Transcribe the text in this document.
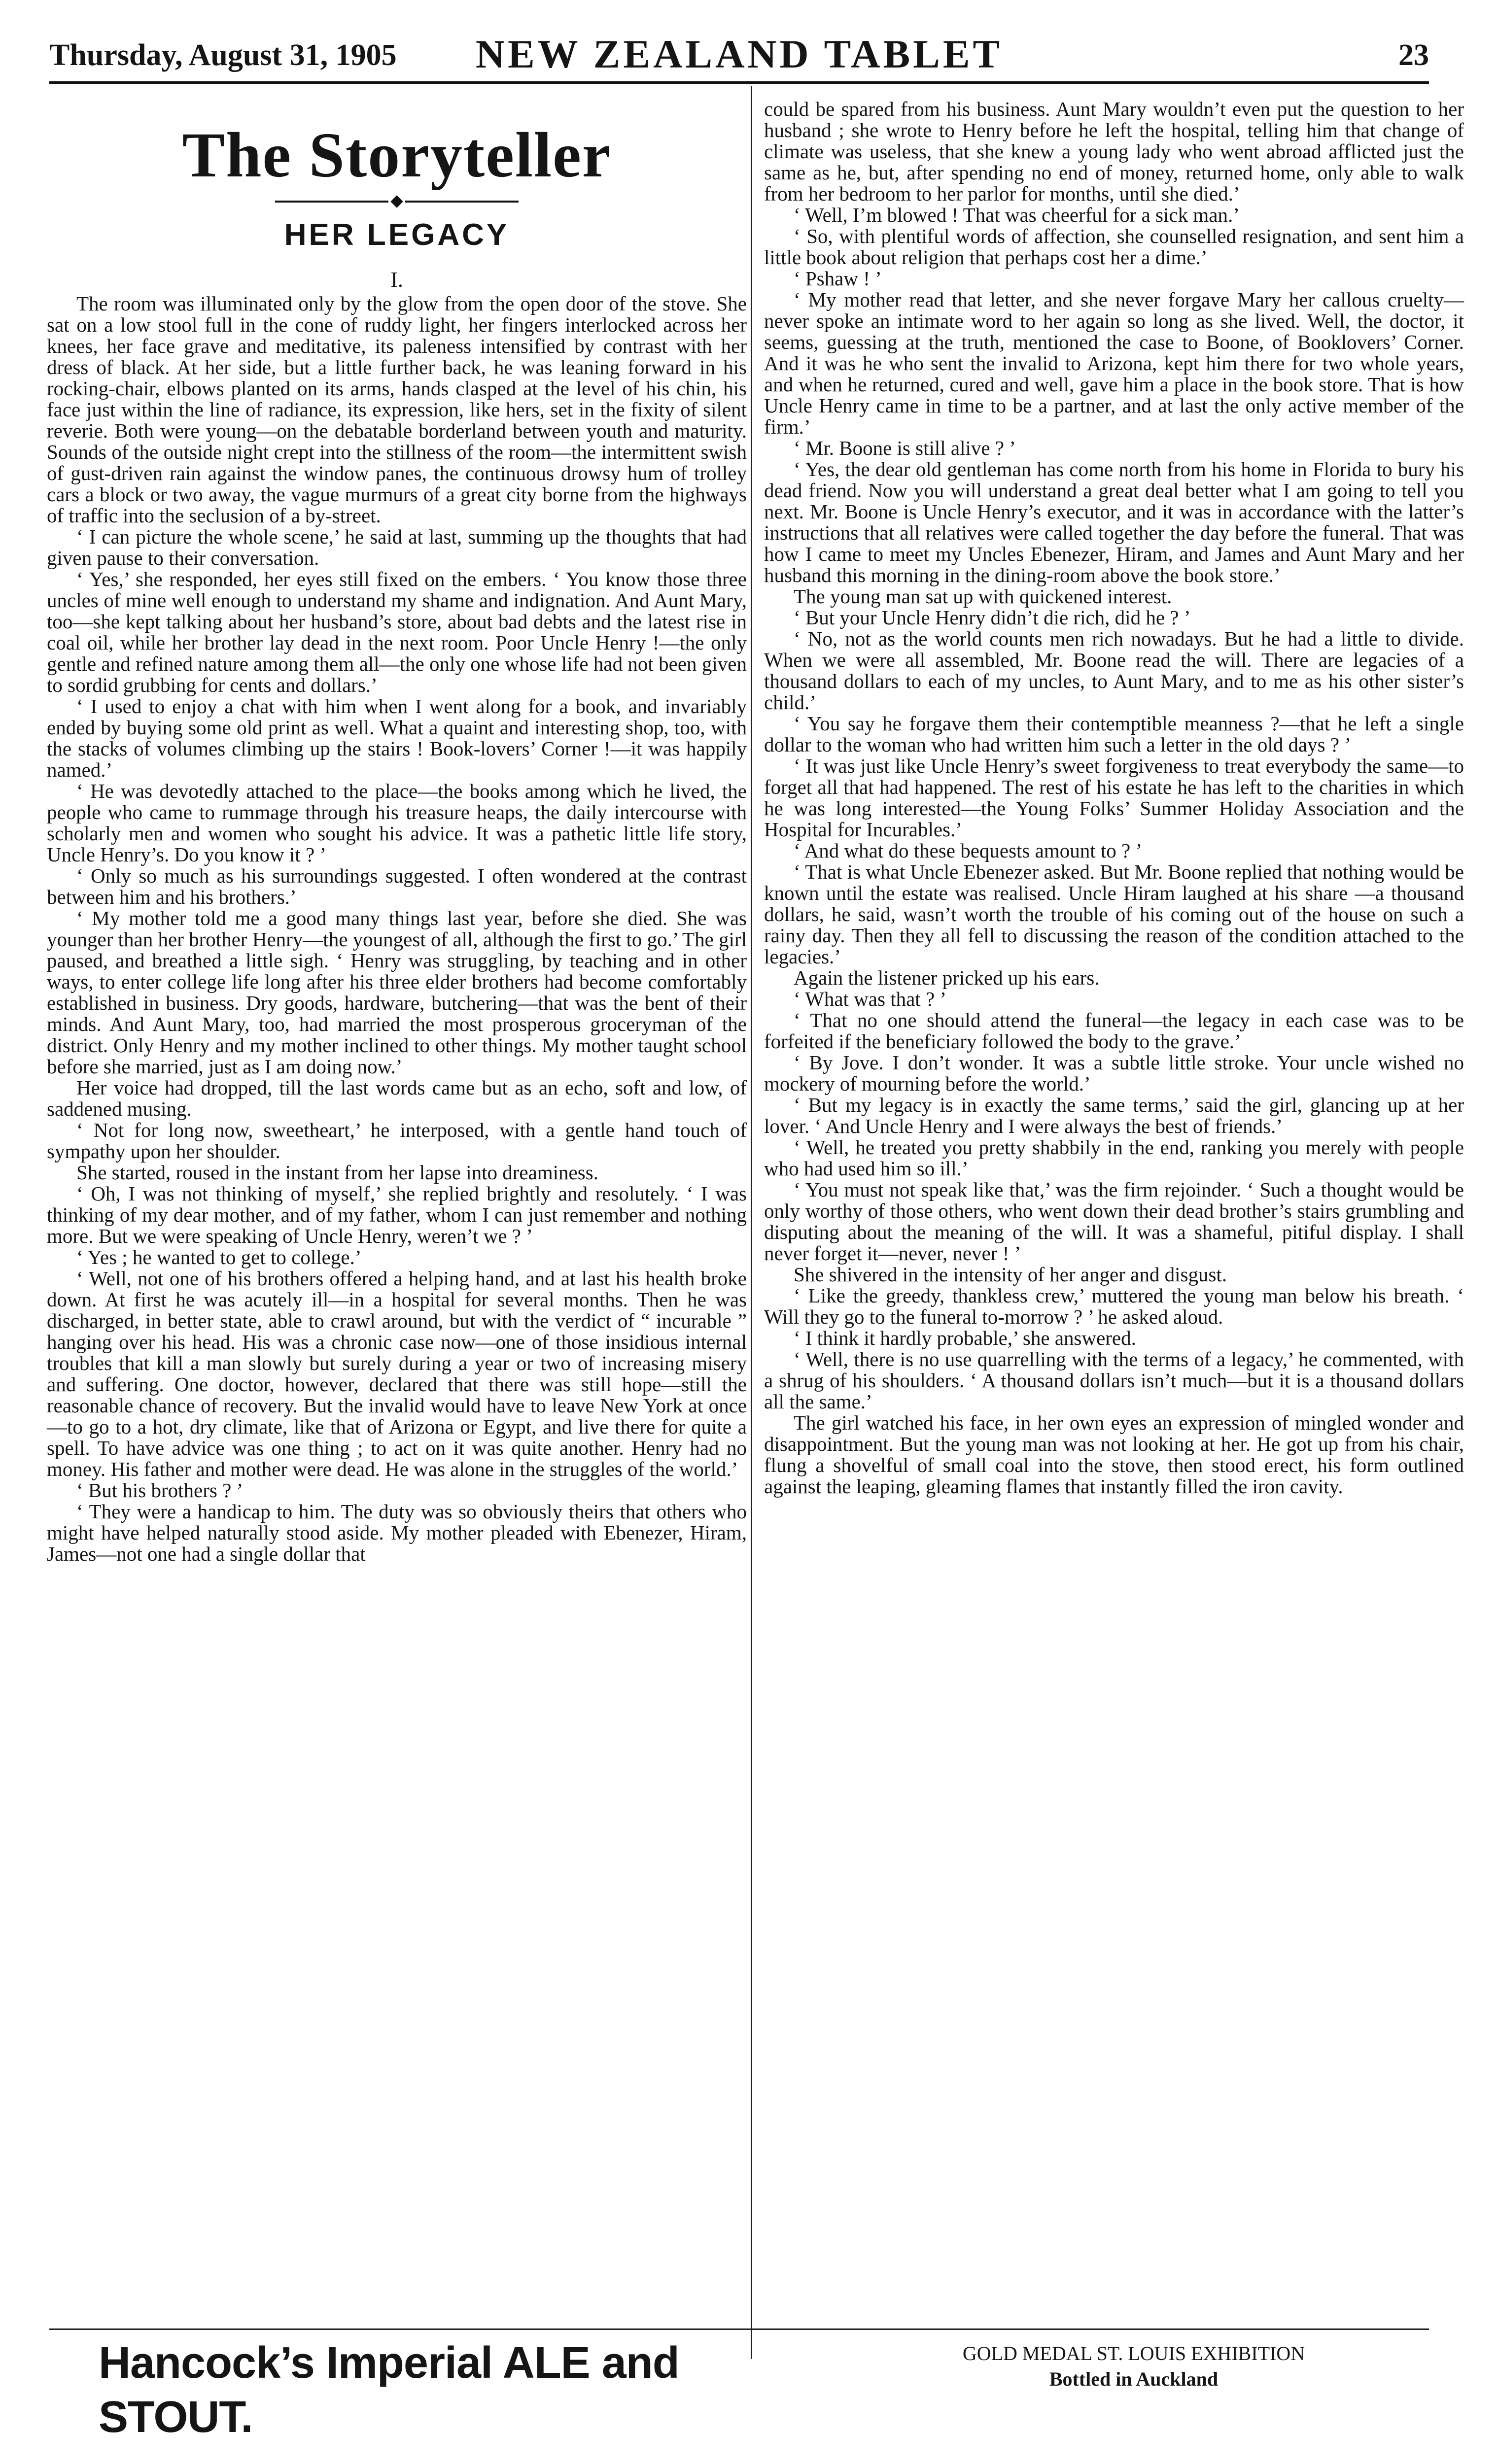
Thursday, August 31, 1905	NEW ZEALAND TABLET	23
The Storyteller
HER LEGACY
I.

The room was illuminated only by the glow from the open door of the stove. She sat on a low stool full in the cone of ruddy light, her fingers interlocked across her knees, her face grave and meditative, its paleness intensified by contrast with her dress of black. At her side, but a little further back, he was leaning forward in his rocking-chair, elbows planted on its arms, hands clasped at the level of his chin, his face just within the line of radiance, its expression, like hers, set in the fixity of silent reverie. Both were young—on the debatable borderland between youth and maturity. Sounds of the outside night crept into the stillness of the room—the intermittent swish of gust-driven rain against the window panes, the continuous drowsy hum of trolley cars a block or two away, the vague murmurs of a great city borne from the highways of traffic into the seclusion of a by-street.

‘ I can picture the whole scene,’ he said at last, summing up the thoughts that had given pause to their conversation.

‘ Yes,’ she responded, her eyes still fixed on the embers. ‘ You know those three uncles of mine well enough to understand my shame and indignation. And Aunt Mary, too—she kept talking about her husband’s store, about bad debts and the latest rise in coal oil, while her brother lay dead in the next room. Poor Uncle Henry !—the only gentle and refined nature among them all—the only one whose life had not been given to sordid grubbing for cents and dollars.’

‘ I used to enjoy a chat with him when I went along for a book, and invariably ended by buying some old print as well. What a quaint and interesting shop, too, with the stacks of volumes climbing up the stairs ! Book-lovers’ Corner !—it was happily named.’

‘ He was devotedly attached to the place—the books among which he lived, the people who came to rummage through his treasure heaps, the daily intercourse with scholarly men and women who sought his advice. It was a pathetic little life story, Uncle Henry’s. Do you know it ? ’

‘ Only so much as his surroundings suggested. I often wondered at the contrast between him and his brothers.’

‘ My mother told me a good many things last year, before she died. She was younger than her brother Henry—the youngest of all, although the first to go.’ The girl paused, and breathed a little sigh. ‘ Henry was struggling, by teaching and in other ways, to enter college life long after his three elder brothers had become comfortably established in business. Dry goods, hardware, butchering—that was the bent of their minds. And Aunt Mary, too, had married the most prosperous groceryman of the district. Only Henry and my mother inclined to other things. My mother taught school before she married, just as I am doing now.’

Her voice had dropped, till the last words came but as an echo, soft and low, of saddened musing.

‘ Not for long now, sweetheart,’ he interposed, with a gentle hand touch of sympathy upon her shoulder.

She started, roused in the instant from her lapse into dreaminess.

‘ Oh, I was not thinking of myself,’ she replied brightly and resolutely. ‘ I was thinking of my dear mother, and of my father, whom I can just remember and nothing more. But we were speaking of Uncle Henry, weren’t we ? ’

‘ Yes ; he wanted to get to college.’

‘ Well, not one of his brothers offered a helping hand, and at last his health broke down. At first he was acutely ill—in a hospital for several months. Then he was discharged, in better state, able to crawl around, but with the verdict of “ incurable ” hanging over his head. His was a chronic case now—one of those insidious internal troubles that kill a man slowly but surely during a year or two of increasing misery and suffering. One doctor, however, declared that there was still hope—still the reasonable chance of recovery. But the invalid would have to leave New York at once —to go to a hot, dry climate, like that of Arizona or Egypt, and live there for quite a spell. To have advice was one thing ; to act on it was quite another. Henry had no money. His father and mother were dead. He was alone in the struggles of the world.’

‘ But his brothers ? ’

‘ They were a handicap to him. The duty was so obviously theirs that others who might have helped naturally stood aside. My mother pleaded with Ebenezer, Hiram, James—not one had a single dollar that

could be spared from his business. Aunt Mary wouldn’t even put the question to her husband ; she wrote to Henry before he left the hospital, telling him that change of climate was useless, that she knew a young lady who went abroad afflicted just the same as he, but, after spending no end of money, returned home, only able to walk from her bedroom to her parlor for months, until she died.’

‘ Well, I’m blowed ! That was cheerful for a sick man.’

‘ So, with plentiful words of affection, she counselled resignation, and sent him a little book about religion that perhaps cost her a dime.’

‘ Pshaw ! ’

‘ My mother read that letter, and she never forgave Mary her callous cruelty—never spoke an intimate word to her again so long as she lived. Well, the doctor, it seems, guessing at the truth, mentioned the case to Boone, of Booklovers’ Corner. And it was he who sent the invalid to Arizona, kept him there for two whole years, and when he returned, cured and well, gave him a place in the book store. That is how Uncle Henry came in time to be a partner, and at last the only active member of the firm.’

‘ Mr. Boone is still alive ? ’

‘ Yes, the dear old gentleman has come north from his home in Florida to bury his dead friend. Now you will understand a great deal better what I am going to tell you next. Mr. Boone is Uncle Henry’s executor, and it was in accordance with the latter’s instructions that all relatives were called together the day before the funeral. That was how I came to meet my Uncles Ebenezer, Hiram, and James and Aunt Mary and her husband this morning in the dining-room above the book store.’

The young man sat up with quickened interest.

‘ But your Uncle Henry didn’t die rich, did he ? ’

‘ No, not as the world counts men rich nowadays. But he had a little to divide. When we were all assembled, Mr. Boone read the will. There are legacies of a thousand dollars to each of my uncles, to Aunt Mary, and to me as his other sister’s child.’

‘ You say he forgave them their contemptible meanness ?—that he left a single dollar to the woman who had written him such a letter in the old days ? ’

‘ It was just like Uncle Henry’s sweet forgiveness to treat everybody the same—to forget all that had happened. The rest of his estate he has left to the charities in which he was long interested—the Young Folks’ Summer Holiday Association and the Hospital for Incurables.’

‘ And what do these bequests amount to ? ’

‘ That is what Uncle Ebenezer asked. But Mr. Boone replied that nothing would be known until the estate was realised. Uncle Hiram laughed at his share —a thousand dollars, he said, wasn’t worth the trouble of his coming out of the house on such a rainy day. Then they all fell to discussing the reason of the condition attached to the legacies.’

Again the listener pricked up his ears.

‘ What was that ? ’

‘ That no one should attend the funeral—the legacy in each case was to be forfeited if the beneficiary followed the body to the grave.’

‘ By Jove. I don’t wonder. It was a subtle little stroke. Your uncle wished no mockery of mourning before the world.’

‘ But my legacy is in exactly the same terms,’ said the girl, glancing up at her lover. ‘ And Uncle Henry and I were always the best of friends.’

‘ Well, he treated you pretty shabbily in the end, ranking you merely with people who had used him so ill.’

‘ You must not speak like that,’ was the firm rejoinder. ‘ Such a thought would be only worthy of those others, who went down their dead brother’s stairs grumbling and disputing about the meaning of the will. It was a shameful, pitiful display. I shall never forget it—never, never ! ’

She shivered in the intensity of her anger and disgust.

‘ Like the greedy, thankless crew,’ muttered the young man below his breath. ‘ Will they go to the funeral to-morrow ? ’ he asked aloud.

‘ I think it hardly probable,’ she answered.

‘ Well, there is no use quarrelling with the terms of a legacy,’ he commented, with a shrug of his shoulders. ‘ A thousand dollars isn’t much—but it is a thousand dollars all the same.’

The girl watched his face, in her own eyes an expression of mingled wonder and disappointment. But the young man was not looking at her. He got up from his chair, flung a shovelful of small coal into the stove, then stood erect, his form outlined against the leaping, gleaming flames that instantly filled the iron cavity.

Hancock’s Imperial ALE and STOUT.
GOLD MEDAL ST. LOUIS EXHIBITION
Bottled in Auckland
